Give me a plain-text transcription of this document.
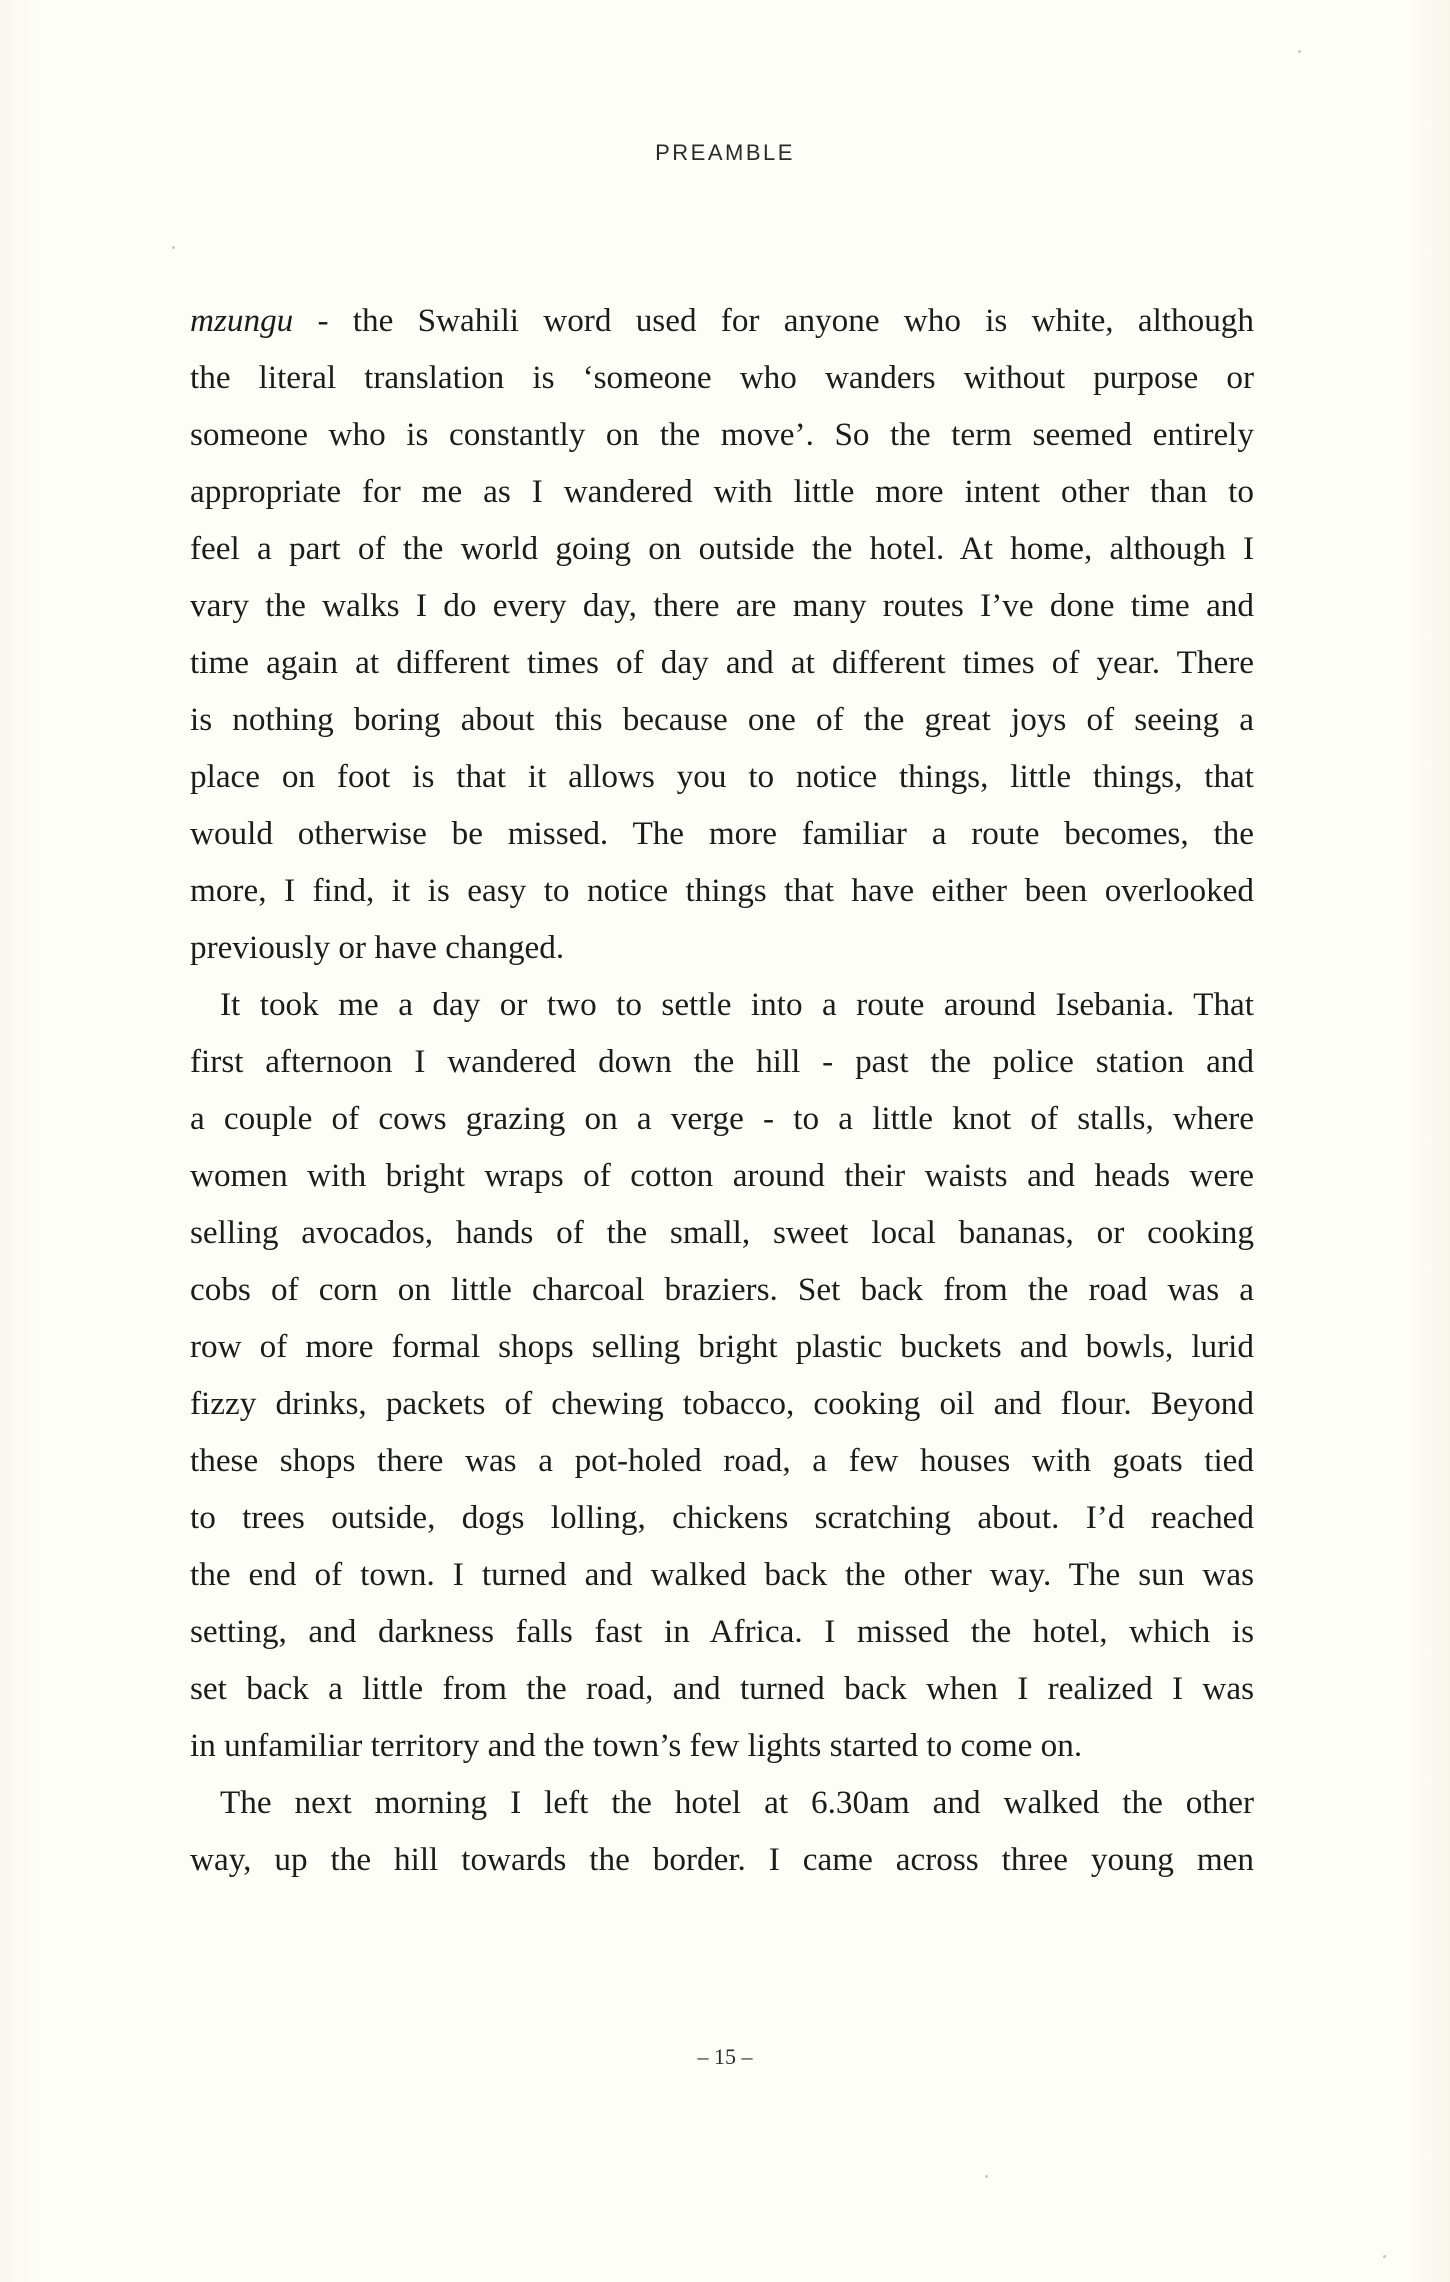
PREAMBLE
mzungu - the Swahili word used for anyone who is white, although
the literal translation is ‘someone who wanders without purpose or
someone who is constantly on the move’. So the term seemed entirely
appropriate for me as I wandered with little more intent other than to
feel a part of the world going on outside the hotel. At home, although I
vary the walks I do every day, there are many routes I’ve done time and
time again at different times of day and at different times of year. There
is nothing boring about this because one of the great joys of seeing a
place on foot is that it allows you to notice things, little things, that
would otherwise be missed. The more familiar a route becomes, the
more, I find, it is easy to notice things that have either been overlooked
previously or have changed.
It took me a day or two to settle into a route around Isebania. That
first afternoon I wandered down the hill - past the police station and
a couple of cows grazing on a verge - to a little knot of stalls, where
women with bright wraps of cotton around their waists and heads were
selling avocados, hands of the small, sweet local bananas, or cooking
cobs of corn on little charcoal braziers. Set back from the road was a
row of more formal shops selling bright plastic buckets and bowls, lurid
fizzy drinks, packets of chewing tobacco, cooking oil and flour. Beyond
these shops there was a pot-holed road, a few houses with goats tied
to trees outside, dogs lolling, chickens scratching about. I’d reached
the end of town. I turned and walked back the other way. The sun was
setting, and darkness falls fast in Africa. I missed the hotel, which is
set back a little from the road, and turned back when I realized I was
in unfamiliar territory and the town’s few lights started to come on.
The next morning I left the hotel at 6.30am and walked the other
way, up the hill towards the border. I came across three young men
– 15 –
